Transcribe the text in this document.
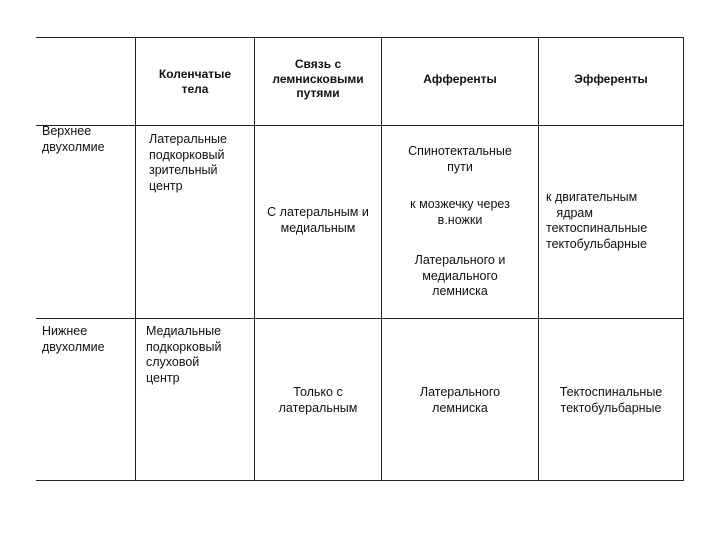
Коленчатые
тела
Связь с
лемнисковыми
путями
Афференты	Эфференты
Верхнее
двухолмие
Латеральные
подкорковый
зрительный
центр
С латеральным и
медиальным
Спинотектальные
пути
к мозжечку через
в.ножки
Латерального и
медиального
лемниска
к двигательным
ядрам
тектоспинальные
тектобульбарные
Нижнее
двухолмие
Медиальные
подкорковый
слуховой
центр
Только с
латеральным
Латерального
лемниска
Тектоспинальные
тектобульбарные
